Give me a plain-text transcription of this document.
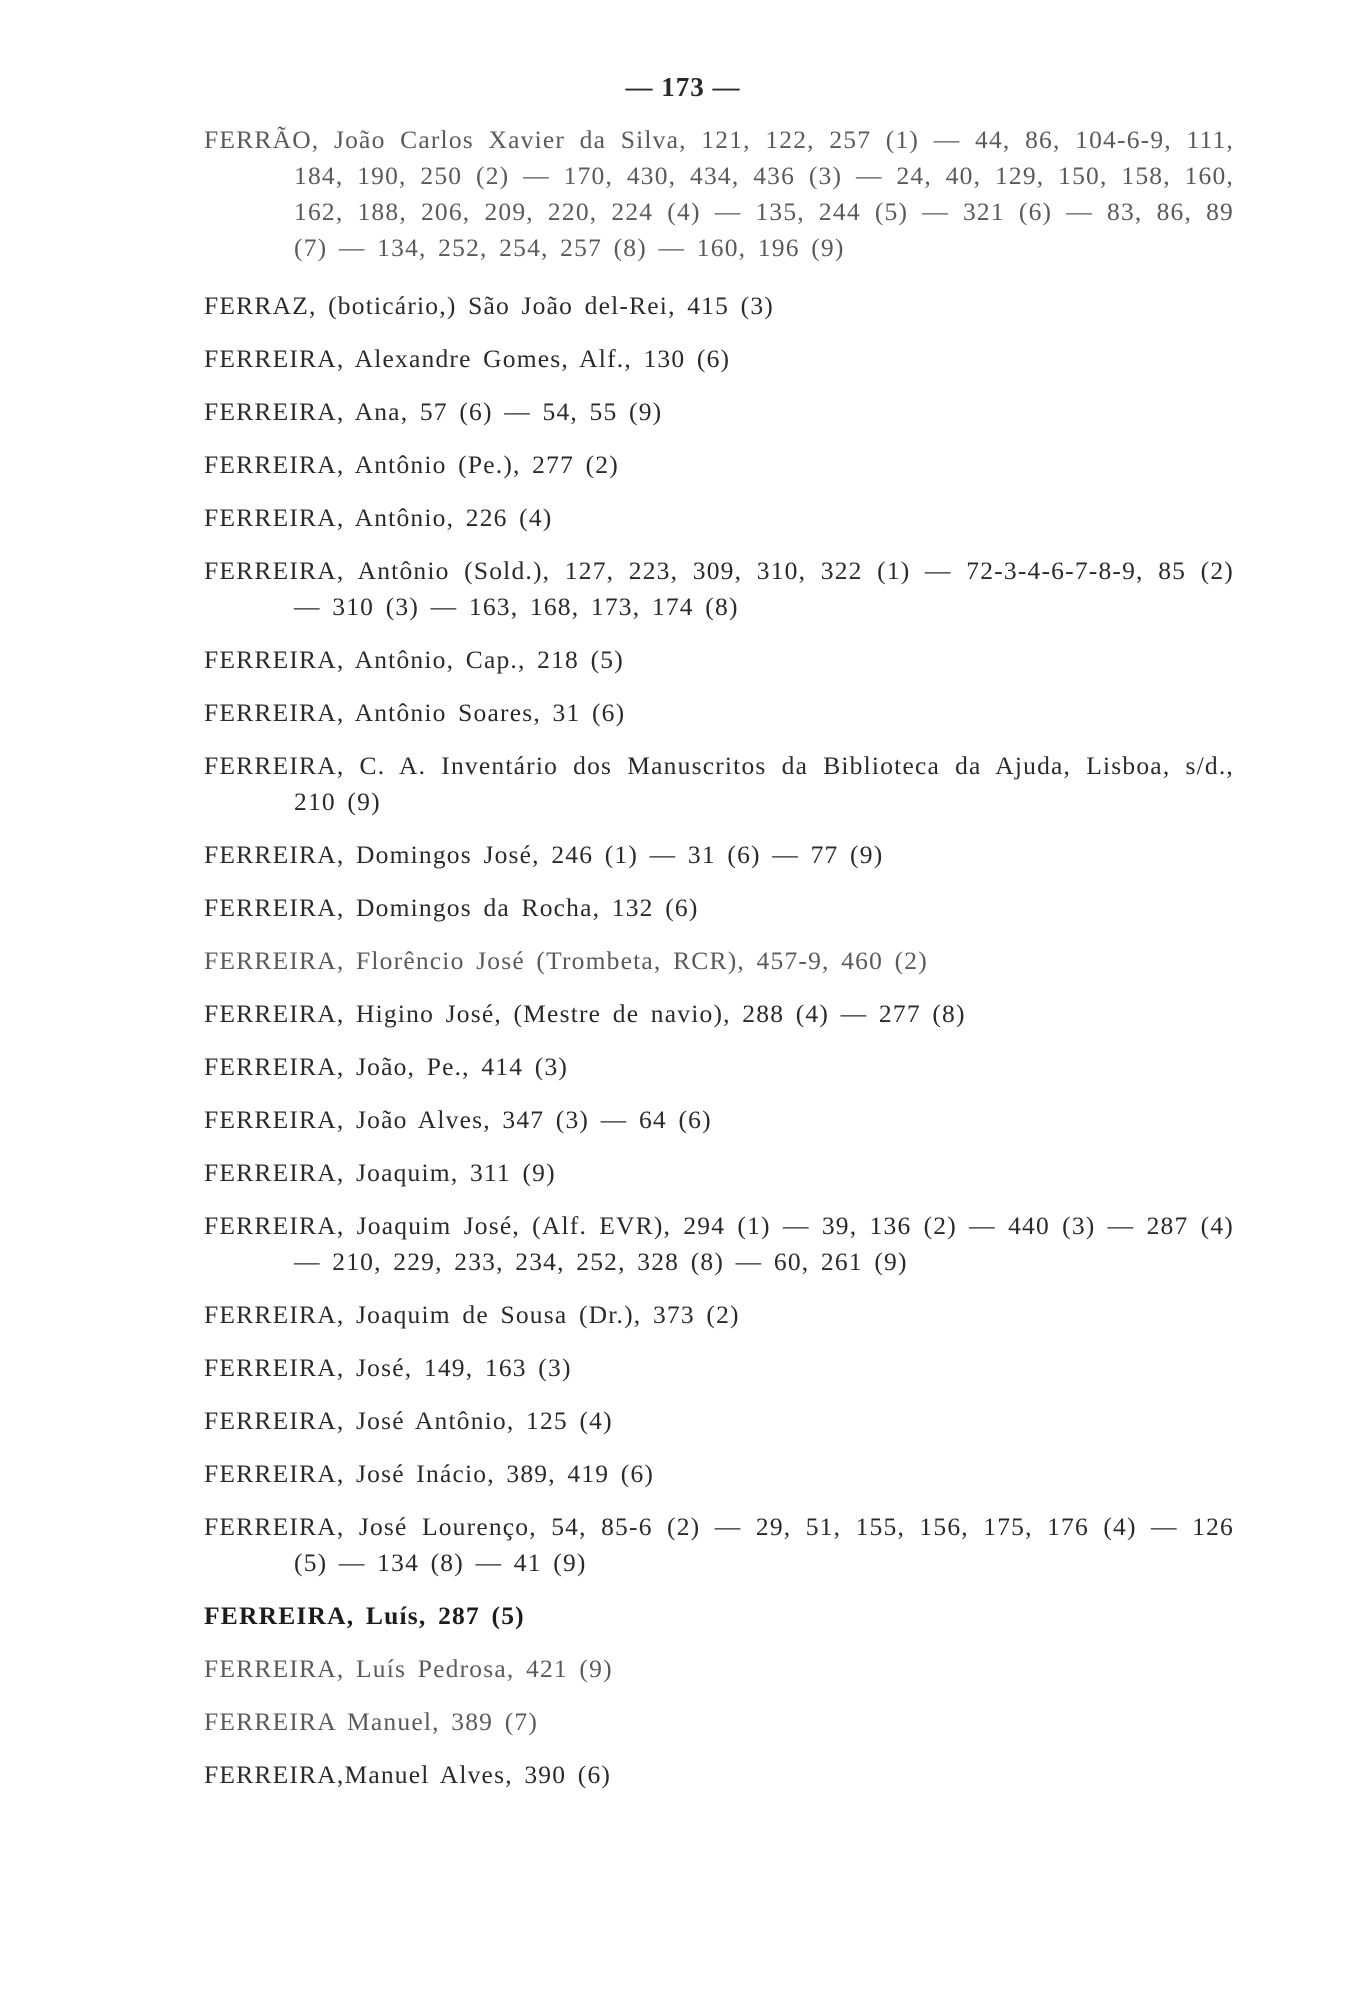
— 173 —
FERRÃO, João Carlos Xavier da Silva, 121, 122, 257 (1) — 44, 86, 104-6-9, 111, 184, 190, 250 (2) — 170, 430, 434, 436 (3) — 24, 40, 129, 150, 158, 160, 162, 188, 206, 209, 220, 224 (4) — 135, 244 (5) — 321 (6) — 83, 86, 89 (7) — 134, 252, 254, 257 (8) — 160, 196 (9)
FERRAZ, (boticário,) São João del-Rei, 415 (3)
FERREIRA, Alexandre Gomes, Alf., 130 (6)
FERREIRA, Ana, 57 (6) — 54, 55 (9)
FERREIRA, Antônio (Pe.), 277 (2)
FERREIRA, Antônio, 226 (4)
FERREIRA, Antônio (Sold.), 127, 223, 309, 310, 322 (1) — 72-3-4-6-7-8-9, 85 (2) — 310 (3) — 163, 168, 173, 174 (8)
FERREIRA, Antônio, Cap., 218 (5)
FERREIRA, Antônio Soares, 31 (6)
FERREIRA, C. A. Inventário dos Manuscritos da Biblioteca da Ajuda, Lisboa, s/d., 210 (9)
FERREIRA, Domingos José, 246 (1) — 31 (6) — 77 (9)
FERREIRA, Domingos da Rocha, 132 (6)
FERREIRA, Florêncio José (Trombeta, RCR), 457-9, 460 (2)
FERREIRA, Higino José, (Mestre de navio), 288 (4) — 277 (8)
FERREIRA, João, Pe., 414 (3)
FERREIRA, João Alves, 347 (3) — 64 (6)
FERREIRA, Joaquim, 311 (9)
FERREIRA, Joaquim José, (Alf. EVR), 294 (1) — 39, 136 (2) — 440 (3) — 287 (4) — 210, 229, 233, 234, 252, 328 (8) — 60, 261 (9)
FERREIRA, Joaquim de Sousa (Dr.), 373 (2)
FERREIRA, José, 149, 163 (3)
FERREIRA, José Antônio, 125 (4)
FERREIRA, José Inácio, 389, 419 (6)
FERREIRA, José Lourenço, 54, 85-6 (2) — 29, 51, 155, 156, 175, 176 (4) — 126 (5) — 134 (8) — 41 (9)
FERREIRA, Luís, 287 (5)
FERREIRA, Luís Pedrosa, 421 (9)
FERREIRA Manuel, 389 (7)
FERREIRA,Manuel Alves, 390 (6)
